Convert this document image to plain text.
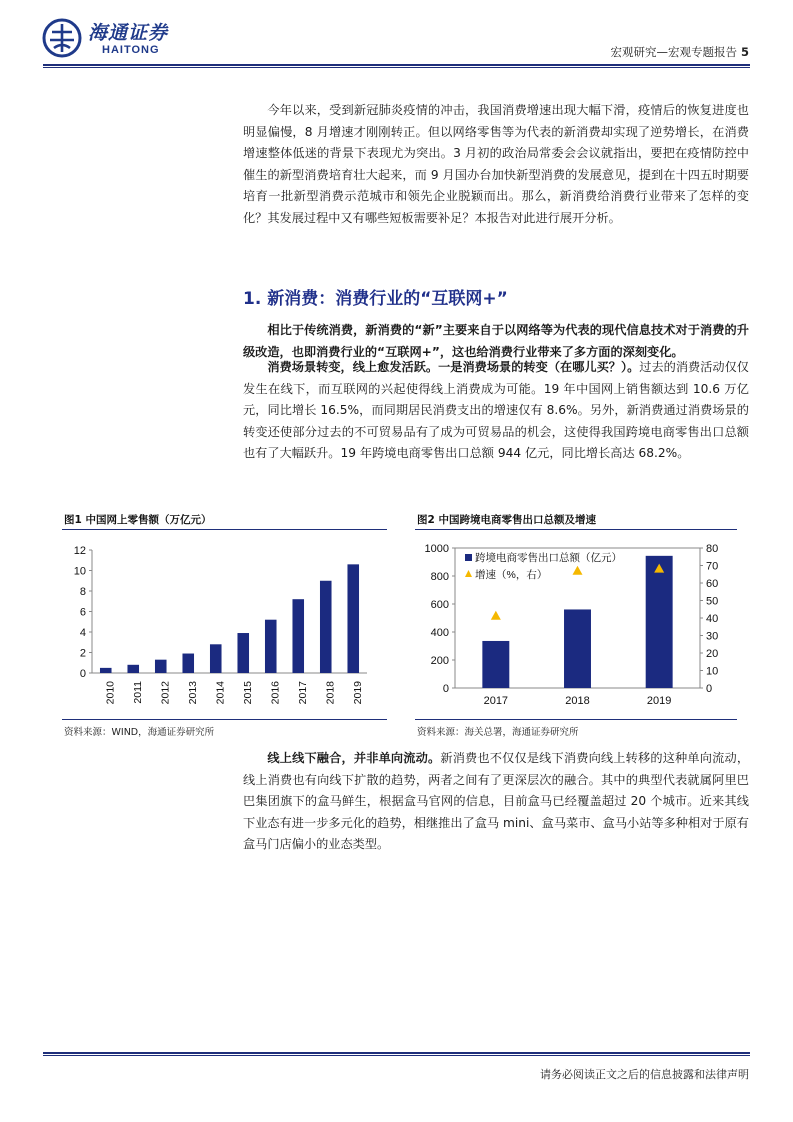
海通证券
HAITONG	宏观研究—宏观专题报告 5

今年以来，受到新冠肺炎疫情的冲击，我国消费增速出现大幅下滑，疫情后的恢复进度也明显偏慢，8 月增速才刚刚转正。但以网络零售等为代表的新消费却实现了逆势增长，在消费增速整体低迷的背景下表现尤为突出。3 月初的政治局常委会会议就指出，要把在疫情防控中催生的新型消费培育壮大起来，而 9 月国办台加快新型消费的发展意见，提到在十四五时期要培育一批新型消费示范城市和领先企业脱颖而出。那么，新消费给消费行业带来了怎样的变化？其发展过程中又有哪些短板需要补足？本报告对此进行展开分析。

1. 新消费：消费行业的“互联网+”

相比于传统消费，新消费的“新”主要来自于以网络等为代表的现代信息技术对于消费的升级改造，也即消费行业的“互联网+”，这也给消费行业带来了多方面的深刻变化。

消费场景转变，线上愈发活跃。一是消费场景的转变（在哪儿买？）。过去的消费活动仅仅发生在线下，而互联网的兴起使得线上消费成为可能。19 年中国网上销售额达到 10.6 万亿元，同比增长 16.5%，而同期居民消费支出的增速仅有 8.6%。另外，新消费通过消费场景的转变还使部分过去的不可贸易品有了成为可贸易品的机会，这使得我国跨境电商零售出口总额也有了大幅跃升。19 年跨境电商零售出口总额 944 亿元，同比增长高达 68.2%。

图1 中国网上零售额（万亿元）
0
2
4
6
8
10
12
2010 2011 2012 2013 2014 2015 2016 2017 2018 2019
资料来源：WIND，海通证券研究所
图2 中国跨境电商零售出口总额及增速
0
200
400
600
800
1000
0
10
20
30
40
50
60
70
80
2017	2018	2019
跨境电商零售出口总额（亿元）
增速（%，右）
资料来源：海关总署，海通证券研究所

线上线下融合，并非单向流动。新消费也不仅仅是线下消费向线上转移的这种单向流动，线上消费也有向线下扩散的趋势，两者之间有了更深层次的融合。其中的典型代表就属阿里巴巴集团旗下的盒马鲜生，根据盒马官网的信息，目前盒马已经覆盖超过 20 个城市。近来其线下业态有进一步多元化的趋势，相继推出了盒马 mini、盒马菜市、盒马小站等多种相对于原有盒马门店偏小的业态类型。

请务必阅读正文之后的信息披露和法律声明
